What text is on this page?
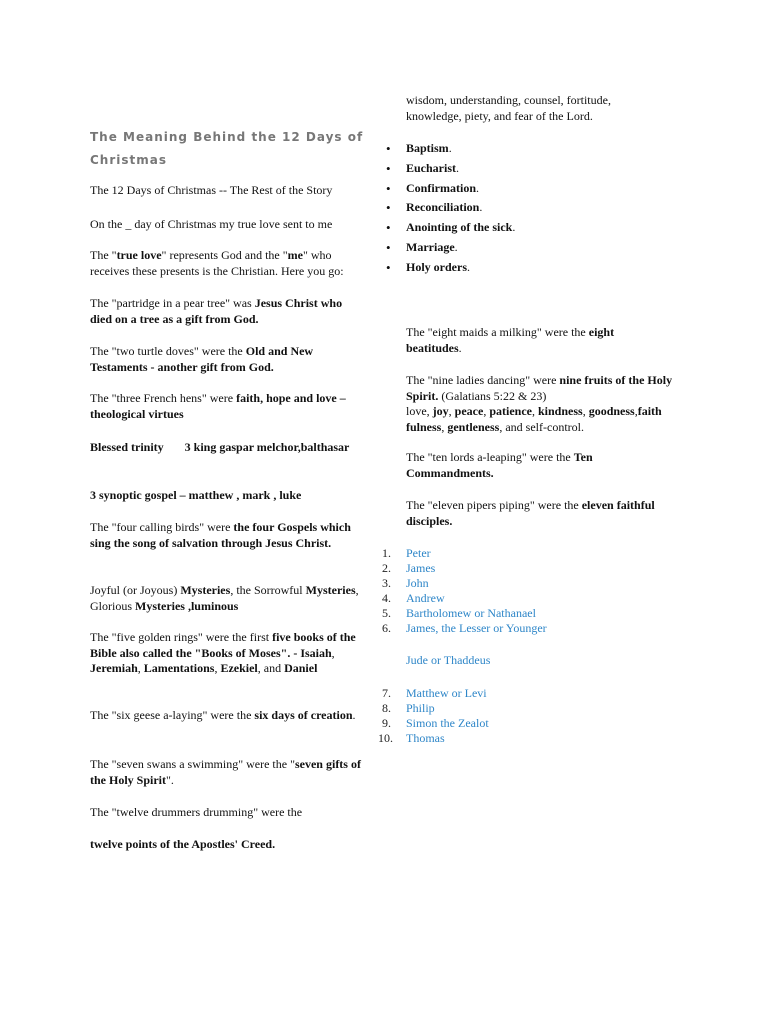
The Meaning Behind the 12 Days of Christmas

The 12 Days of Christmas -- The Rest of the Story

On the _ day of Christmas my true love sent to me

The "true love" represents God and the "me" who receives these presents is the Christian. Here you go:

The "partridge in a pear tree" was Jesus Christ who died on a tree as a gift from God.

The "two turtle doves" were the Old and New Testaments - another gift from God.

The "three French hens" were faith, hope and love – theological virtues

Blessed trinity 3 king gaspar melchor,balthasar

3 synoptic gospel – matthew , mark , luke

The "four calling birds" were the four Gospels which sing the song of salvation through Jesus Christ.

Joyful (or Joyous) Mysteries, the Sorrowful Mysteries, Glorious Mysteries ,luminous

The "five golden rings" were the first five books of the Bible also called the "Books of Moses". - Isaiah, Jeremiah, Lamentations, Ezekiel, and Daniel

The "six geese a-laying" were the six days of creation.

The "seven swans a swimming" were the "seven gifts of the Holy Spirit".

The "twelve drummers drumming" were the

twelve points of the Apostles' Creed.

wisdom, understanding, counsel, fortitude, knowledge, piety, and fear of the Lord.

• Baptism.
• Eucharist.
• Confirmation.
• Reconciliation.
• Anointing of the sick.
• Marriage.
• Holy orders.

The "eight maids a milking" were the eight beatitudes.

The "nine ladies dancing" were nine fruits of the Holy Spirit. (Galatians 5:22 & 23)
love, joy, peace, patience, kindness, goodness,faith fulness, gentleness, and self-control.

The "ten lords a-leaping" were the Ten Commandments.

The "eleven pipers piping" were the eleven faithful disciples.

1.	Peter
2.	James
3.	John
4.	Andrew
5.	Bartholomew or Nathanael
6.	James, the Lesser or Younger

Jude or Thaddeus

7.	Matthew or Levi
8.	Philip
9.	Simon the Zealot
10.	Thomas
